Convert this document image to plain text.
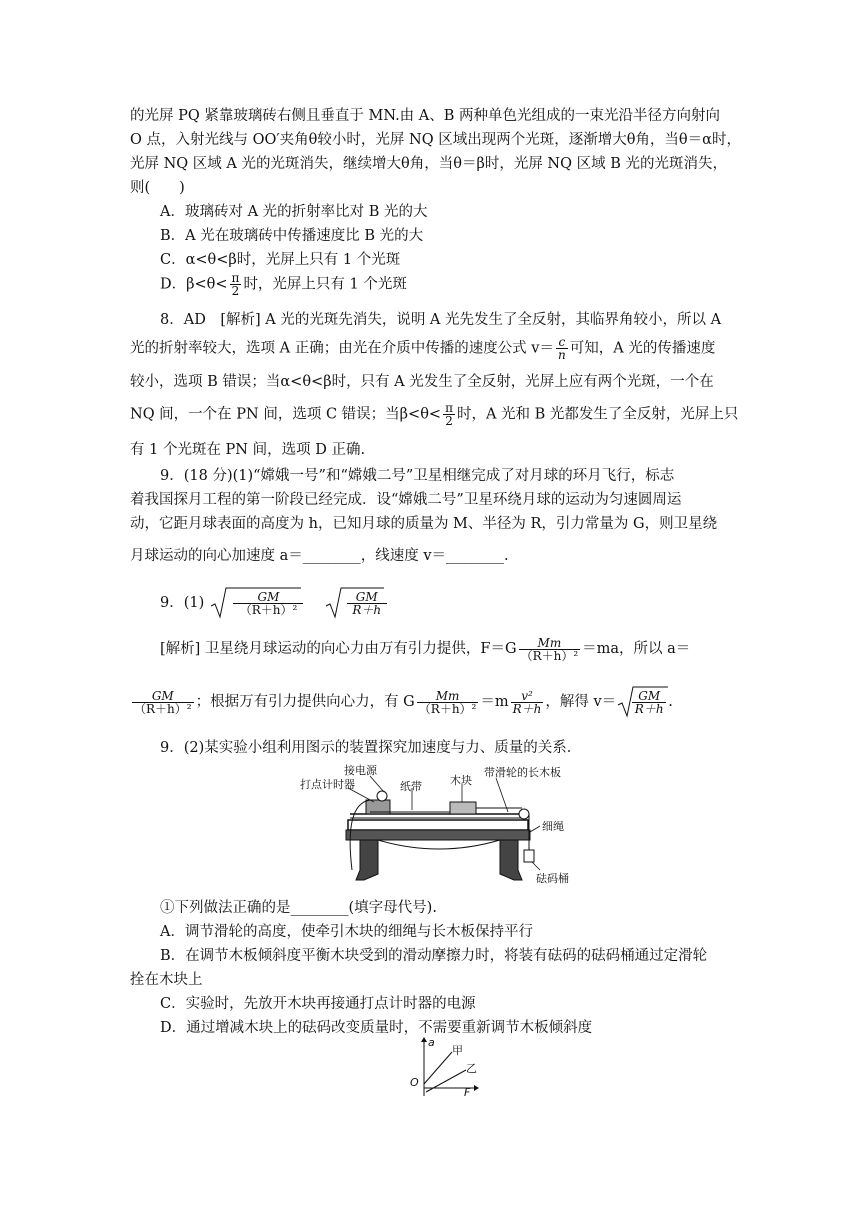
的光屏 PQ 紧靠玻璃砖右侧且垂直于 MN.由 A、B 两种单色光组成的一束光沿半径方向射向
O 点，入射光线与 OO′夹角θ较小时，光屏 NQ 区域出现两个光斑，逐渐增大θ角，当θ＝α时，
光屏 NQ 区域 A 光的光斑消失，继续增大θ角，当θ＝β时，光屏 NQ 区域 B 光的光斑消失，
则(　　)
A．玻璃砖对 A 光的折射率比对 B 光的大
B．A 光在玻璃砖中传播速度比 B 光的大
C．α<θ<β时，光屏上只有 1 个光斑
D．$\beta<\theta< \frac{\pi}{2}$ 时，光屏上只有 1 个光斑
8．AD　[解析] A 光的光斑先消失，说明 A 光先发生了全反射，其临界角较小，所以 A
光的折射率较大，选项 A 正确；由光在介质中传播的速度公式 $v= \frac{c}{n}$ 可知，A 光的传播速度
较小，选项 B 错误；当α<θ<β时，只有 A 光发生了全反射，光屏上应有两个光斑，一个在
NQ 间，一个在 PN 间，选项 C 错误；当$\beta<\theta< \frac{\pi}{2}$ 时，A 光和 B 光都发生了全反射，光屏上只
有 1 个光斑在 PN 间，选项 D 正确.
9．(18 分)(1)“嫦娥一号”和“嫦娥二号”卫星相继完成了对月球的环月飞行，标志
着我国探月工程的第一阶段已经完成．设“嫦娥二号”卫星环绕月球的运动为匀速圆周运
动，它距月球表面的高度为 h，已知月球的质量为 M、半径为 R，引力常量为 G，则卫星绕
月球运动的向心加速度 a＝________，线速度 v＝________.
9．$(1) \frac{GM}{\text{（R＋h）²}}$
	$\frac{GM}{R+h}$
[解析] 卫星绕月球运动的向心力由万有引力提供，$F=G \frac{Mm}{\text{（R＋h）²}} =ma$，所以 a＝
$\frac{GM}{\text{（R＋h）²}}$ ；根据万有引力提供向心力，有 G $\frac{Mm}{\text{（R＋h）²}} =m \frac{\text{v²}}{R+h}$ ，解得 $v= \frac{GM}{R+h}$ .
9．(2)某实验小组利用图示的装置探究加速度与力、质量的关系．
接电源
打点计时器	纸带	木块
带滑轮的长木板
细绳
砝码桶
①下列做法正确的是________(填字母代号).
A．调节滑轮的高度，使牵引木块的细绳与长木板保持平行
B．在调节木板倾斜度平衡木块受到的滑动摩擦力时，将装有砝码的砝码桶通过定滑轮
拴在木块上
C．实验时，先放开木块再接通打点计时器的电源
D．通过增减木块上的砝码改变质量时，不需要重新调节木板倾斜度
a
F
O
甲
乙
